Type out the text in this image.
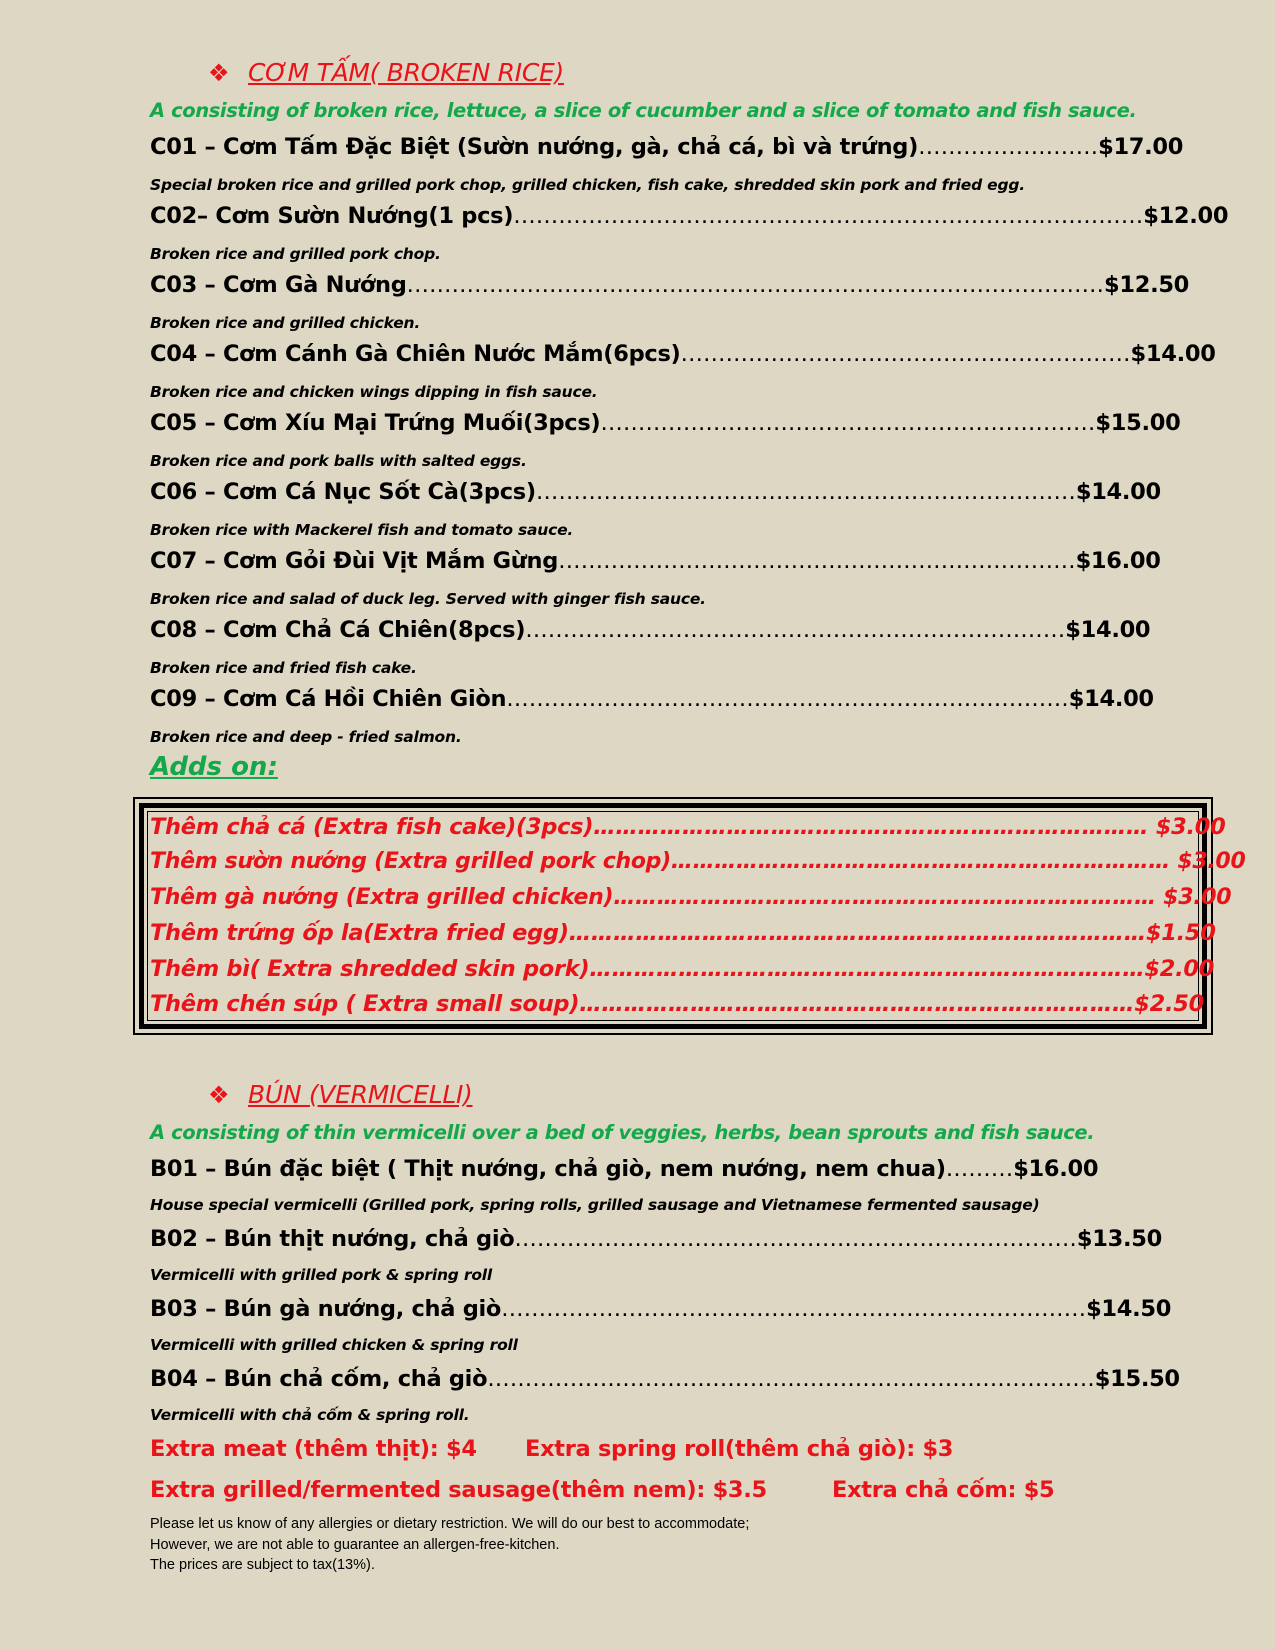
❖ CƠM TẤM( BROKEN RICE)
A consisting of broken rice, lettuce, a slice of cucumber and a slice of tomato and fish sauce.
C01 – Cơm Tấm Đặc Biệt (Sườn nướng, gà, chả cá, bì và trứng)……………………$17.00
Special broken rice and grilled pork chop, grilled chicken, fish cake, shredded skin pork and fried egg.
C02– Cơm Sườn Nướng(1 pcs)…………………………………………………………………………$12.00
Broken rice and grilled pork chop.
C03 – Cơm Gà Nướng…………………………………………………………………………………$12.50
Broken rice and grilled chicken.
C04 – Cơm Cánh Gà Chiên Nước Mắm(6pcs)……………………………………………………$14.00
Broken rice and chicken wings dipping in fish sauce.
C05 – Cơm Xíu Mại Trứng Muối(3pcs)…………………………………………………………$15.00
Broken rice and pork balls with salted eggs.
C06 – Cơm Cá Nục Sốt Cà(3pcs)………………………………………………………………$14.00
Broken rice with Mackerel fish and tomato sauce.
C07 – Cơm Gỏi Đùi Vịt Mắm Gừng……………………………………………………………$16.00
Broken rice and salad of duck leg. Served with ginger fish sauce.
C08 – Cơm Chả Cá Chiên(8pcs)………………………………………………………………$14.00
Broken rice and fried fish cake.
C09 – Cơm Cá Hồi Chiên Giòn…………………………………………………………………$14.00
Broken rice and deep - fried salmon.
Adds on:
Thêm chả cá (Extra fish cake)(3pcs)………………………………………………………………… $3.00
Thêm sườn nướng (Extra grilled pork chop)…………………………………………………………… $3.00
Thêm gà nướng (Extra grilled chicken)………………………………………………………………… $3.00
Thêm trứng ốp la(Extra fried egg)……………………………………………………………………$1.50
Thêm bì( Extra shredded skin pork)…………………………………………………………………$2.00
Thêm chén súp ( Extra small soup)…………………………………………………………………$2.50
❖ BÚN (VERMICELLI)
A consisting of thin vermicelli over a bed of veggies, herbs, bean sprouts and fish sauce.
B01 – Bún đặc biệt ( Thịt nướng, chả giò, nem nướng, nem chua)………$16.00
House special vermicelli (Grilled pork, spring rolls, grilled sausage and Vietnamese fermented sausage)
B02 – Bún thịt nướng, chả giò…………………………………………………………………$13.50
Vermicelli with grilled pork & spring roll
B03 – Bún gà nướng, chả giò……………………………………………………………………$14.50
Vermicelli with grilled chicken & spring roll
B04 – Bún chả cốm, chả giò………………………………………………………………………$15.50
Vermicelli with chả cốm & spring roll.
Extra meat (thêm thịt): $4 Extra spring roll(thêm chả giò): $3
Extra grilled/fermented sausage(thêm nem): $3.5	Extra chả cốm: $5
Please let us know of any allergies or dietary restriction. We will do our best to accommodate;
However, we are not able to guarantee an allergen-free-kitchen.
The prices are subject to tax(13%).
